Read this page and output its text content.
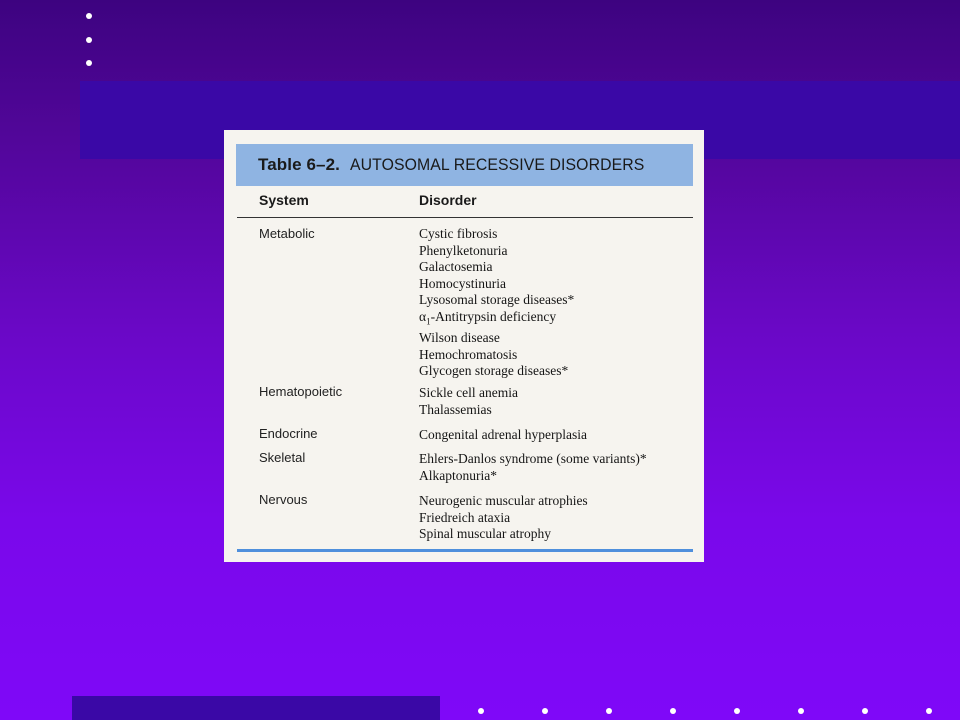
Table 6–2. AUTOSOMAL RECESSIVE DISORDERS
System	Disorder
Metabolic	Cystic fibrosis
Phenylketonuria
Galactosemia
Homocystinuria
Lysosomal storage diseases*
$\alpha_1$-Antitrypsin deficiency
Wilson disease
Hemochromatosis
Glycogen storage diseases*
Hematopoietic	Sickle cell anemia
Thalassemias
Endocrine	Congenital adrenal hyperplasia
Skeletal	Ehlers-Danlos syndrome (some variants)*
Alkaptonuria*
Nervous	Neurogenic muscular atrophies
Friedreich ataxia
Spinal muscular atrophy
